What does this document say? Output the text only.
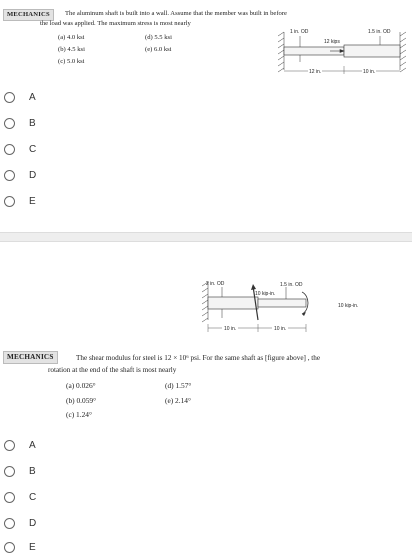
MECHANICS	The aluminum shaft is built into a wall. Assume that the member was built in before
the load was applied. The maximum stress is most nearly
(a) 4.0 ksi
(b) 4.5 ksi
(c) 5.0 ksi
(d) 5.5 ksi
(e) 6.0 ksi
1 in. OD	1.5 in. OD
12 kips
12 in.	10 in.
A
B
C
D
E
2 in. OD	1.5 in. OD
10 kip-in.
10 kip-in.
10 in.	10 in.
MECHANICS	The shear modulus for steel is 12 × 10⁶ psi. For the same shaft as [figure above] , the
rotation at the end of the shaft is most nearly
(a) 0.026°
(b) 0.059°
(c) 1.24°
(d) 1.57°
(e) 2.14°
A
B
C
D
E
